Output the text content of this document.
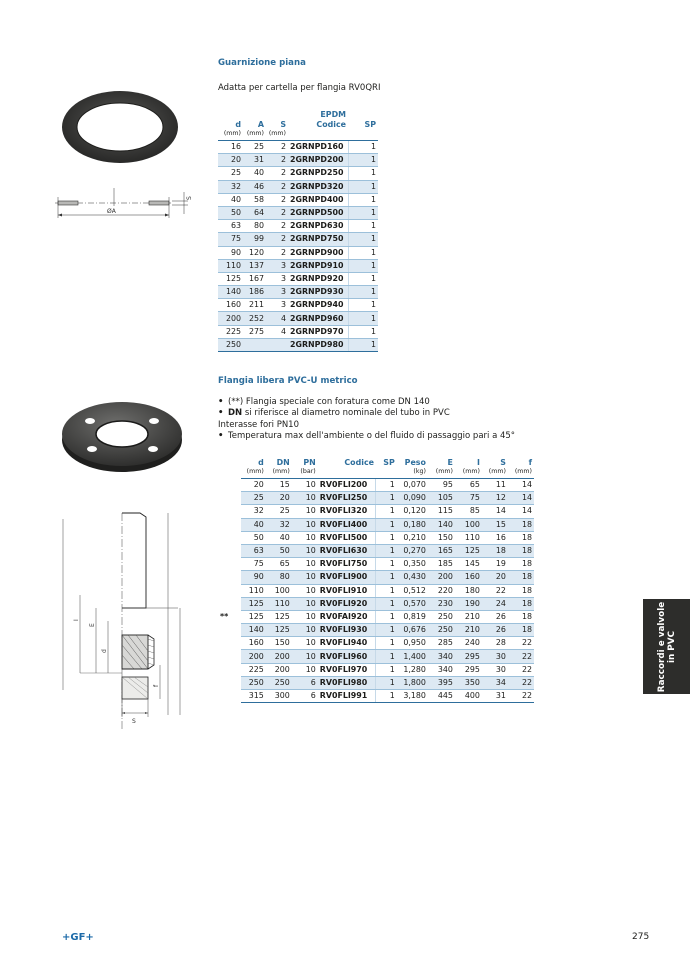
Guarnizione piana
Adatta per cartella per flangia RV0QRI
ØA
S
d	A	S	EPDM
Codice	SP
(mm)	(mm)	(mm)		
16	25	2	2GRNPD160	1
20	31	2	2GRNPD200	1
25	40	2	2GRNPD250	1
32	46	2	2GRNPD320	1
40	58	2	2GRNPD400	1
50	64	2	2GRNPD500	1
63	80	2	2GRNPD630	1
75	99	2	2GRNPD750	1
90	120	2	2GRNPD900	1
110	137	3	2GRNPD910	1
125	167	3	2GRNPD920	1
140	186	3	2GRNPD930	1
160	211	3	2GRNPD940	1
200	252	4	2GRNPD960	1
225	275	4	2GRNPD970	1
250			2GRNPD980	1
Flangia libera PVC-U metrico
• (**) Flangia speciale con foratura come DN 140
• DN si riferisce al diametro nominale del tubo in PVC
Interasse fori PN10
• Temperatura max dell'ambiente o del fluido di passaggio pari a 45°
I
E
d
f
S
	d	DN	PN	Codice	SP	Peso	E	I	S	f
	(mm)	(mm)	(bar)			(kg)	(mm)	(mm)	(mm)	(mm)
	20	15	10	RV0FLI200	1	0,070	95	65	11	14
	25	20	10	RV0FLI250	1	0,090	105	75	12	14
	32	25	10	RV0FLI320	1	0,120	115	85	14	14
	40	32	10	RV0FLI400	1	0,180	140	100	15	18
	50	40	10	RV0FLI500	1	0,210	150	110	16	18
	63	50	10	RV0FLI630	1	0,270	165	125	18	18
	75	65	10	RV0FLI750	1	0,350	185	145	19	18
	90	80	10	RV0FLI900	1	0,430	200	160	20	18
	110	100	10	RV0FLI910	1	0,512	220	180	22	18
	125	110	10	RV0FLI920	1	0,570	230	190	24	18
**	125	125	10	RV0FAI920	1	0,819	250	210	26	18
	140	125	10	RV0FLI930	1	0,676	250	210	26	18
	160	150	10	RV0FLI940	1	0,950	285	240	28	22
	200	200	10	RV0FLI960	1	1,400	340	295	30	22
	225	200	10	RV0FLI970	1	1,280	340	295	30	22
	250	250	6	RV0FLI980	1	1,800	395	350	34	22
	315	300	6	RV0FLI991	1	3,180	445	400	31	22
Raccordi e valvole in PVC
+GF+	275
